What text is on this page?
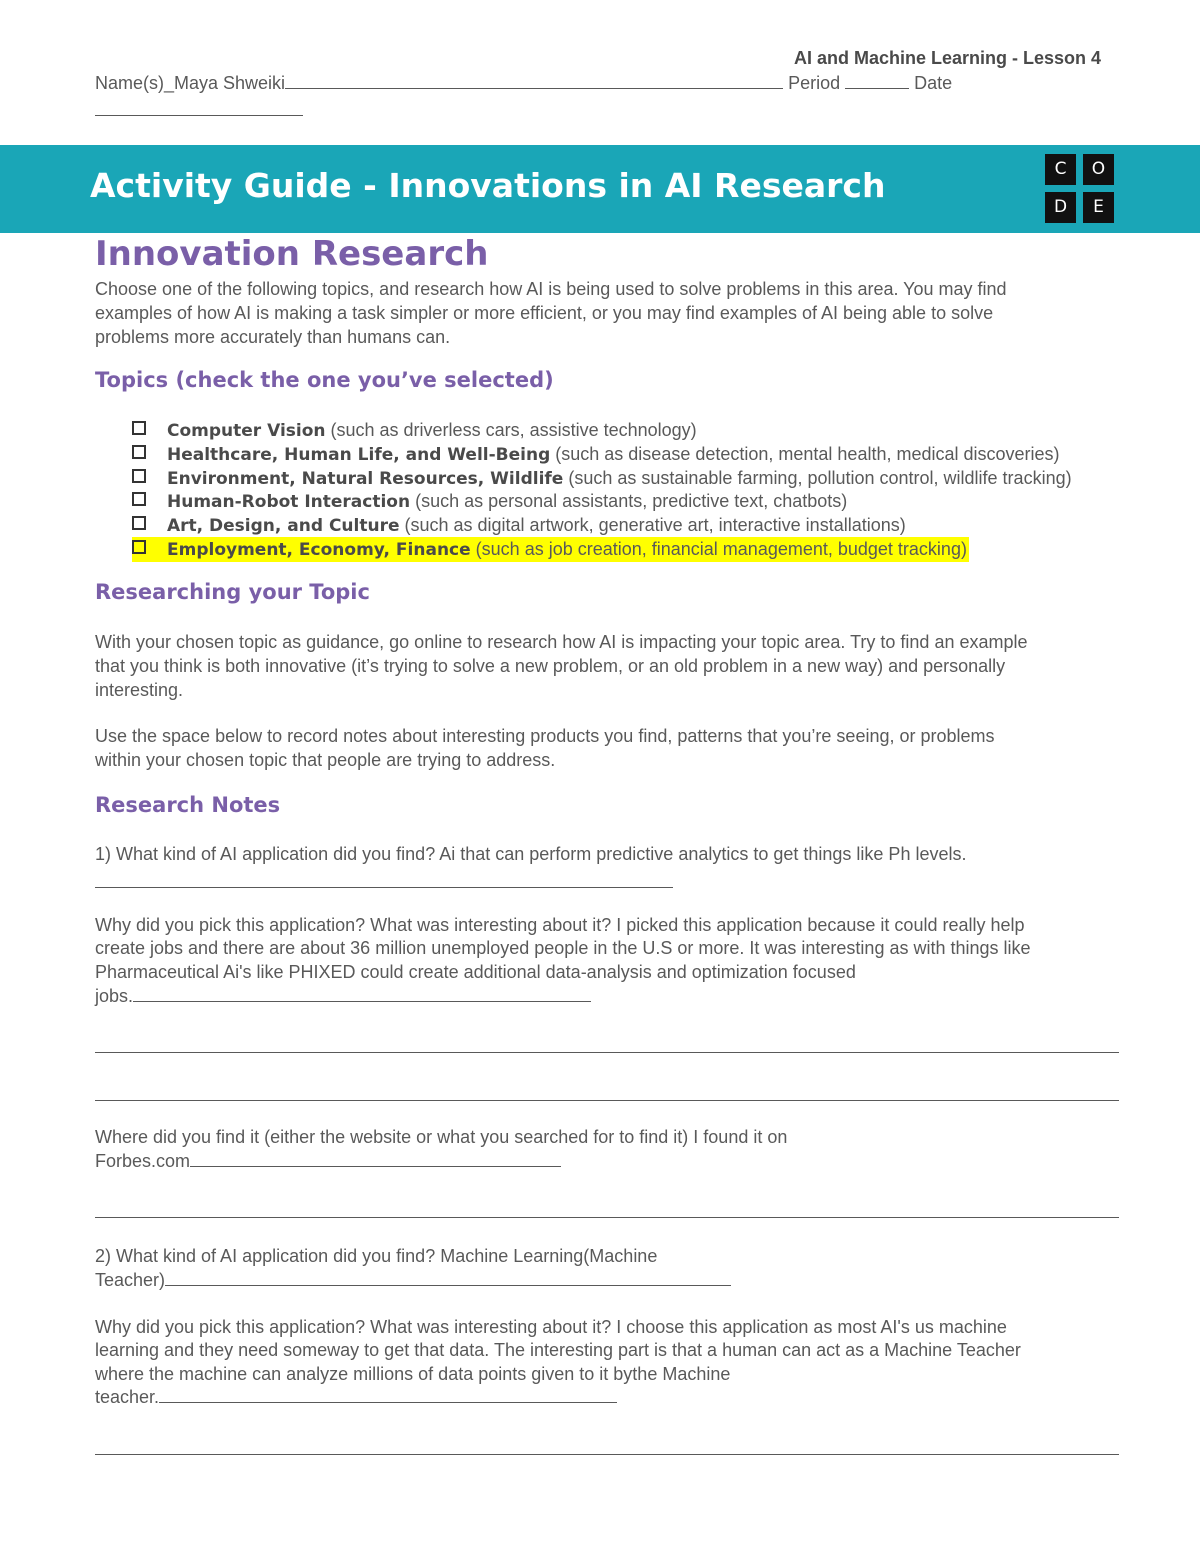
AI and Machine Learning - Lesson 4
Name(s)_Maya Shweiki	Period	Date
Activity Guide - Innovations in AI Research	C	O
D	E
Innovation Research
Choose one of the following topics, and research how AI is being used to solve problems in this area. You may find
examples of how AI is making a task simpler or more efficient, or you may find examples of AI being able to solve
problems more accurately than humans can.
Topics (check the one you’ve selected)
Computer Vision (such as driverless cars, assistive technology)
Healthcare, Human Life, and Well-Being (such as disease detection, mental health, medical discoveries)
Environment, Natural Resources, Wildlife (such as sustainable farming, pollution control, wildlife tracking)
Human-Robot Interaction (such as personal assistants, predictive text, chatbots)
Art, Design, and Culture (such as digital artwork, generative art, interactive installations)
Employment, Economy, Finance (such as job creation, financial management, budget tracking)
Researching your Topic
With your chosen topic as guidance, go online to research how AI is impacting your topic area. Try to find an example
that you think is both innovative (it’s trying to solve a new problem, or an old problem in a new way) and personally
interesting.
Use the space below to record notes about interesting products you find, patterns that you’re seeing, or problems
within your chosen topic that people are trying to address.
Research Notes
1) What kind of AI application did you find? Ai that can perform predictive analytics to get things like Ph levels.
Why did you pick this application? What was interesting about it? I picked this application because it could really help
create jobs and there are about 36 million unemployed people in the U.S or more. It was interesting as with things like
Pharmaceutical Ai's like PHIXED could create additional data-analysis and optimization focused
jobs.
Where did you find it (either the website or what you searched for to find it) I found it on
Forbes.com
2) What kind of AI application did you find? Machine Learning(Machine
Teacher)
Why did you pick this application? What was interesting about it? I choose this application as most AI's us machine
learning and they need someway to get that data. The interesting part is that a human can act as a Machine Teacher
where the machine can analyze millions of data points given to it bythe Machine
teacher.
